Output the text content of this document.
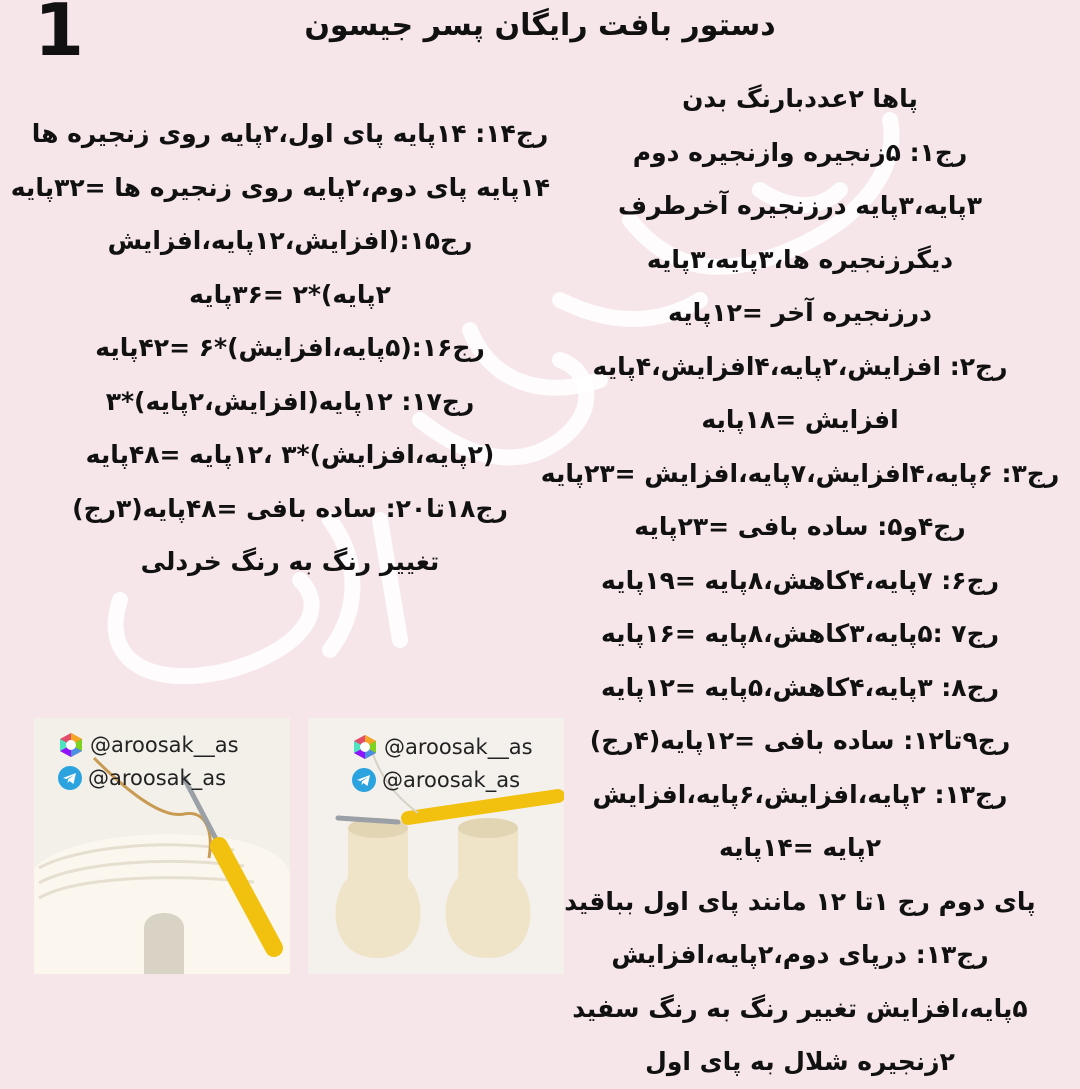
1	دستور بافت رایگان پسر جیسون
پاها ۲عددبارنگ بدن
رج۱: ۵زنجیره وازنجیره دوم
۳پایه،۳پایه درزنجیره آخرطرف
دیگرزنجیره ها،۳پایه،۳پایه
درزنجیره آخر =۱۲پایه
رج۲: افزایش،۲پایه،۴افزایش،۴پایه
افزایش =۱۸پایه
رج۳: ۶پایه،۴افزایش،۷پایه،افزایش =۲۳پایه
رج۴و۵: ساده بافی =۲۳پایه
رج۶: ۷پایه،۴کاهش،۸پایه =۱۹پایه
رج۷ :۵پایه،۳کاهش،۸پایه =۱۶پایه
رج۸: ۳پایه،۴کاهش،۵پایه =۱۲پایه
رج۹تا۱۲: ساده بافی =۱۲پایه(۴رج)
رج۱۳: ۲پایه،افزایش،۶پایه،افزایش
۲پایه =۱۴پایه
پای دوم رج ۱تا ۱۲ مانند پای اول بباقید
رج۱۳: درپای دوم،۲پایه،افزایش
۵پایه،افزایش تغییر رنگ به رنگ سفید
۲زنجیره شلال به پای اول
رج۱۴: ۱۴پایه پای اول،۲پایه روی زنجیره ها
۱۴پایه پای دوم،۲پایه روی زنجیره ها =۳۲پایه
رج۱۵:(افزایش،۱۲پایه،افزایش
۲پایه)*۲ =۳۶پایه
رج۱۶:(۵پایه،افزایش)*۶ =۴۲پایه
رج۱۷: ۱۲پایه(افزایش،۲پایه)*۳
(۲پایه،افزایش)*۳ ،۱۲پایه =۴۸پایه
رج۱۸تا۲۰: ساده بافی =۴۸پایه(۳رج)
تغییر رنگ به رنگ خردلی
@aroosak__as
@aroosak_as
@aroosak__as
@aroosak_as
